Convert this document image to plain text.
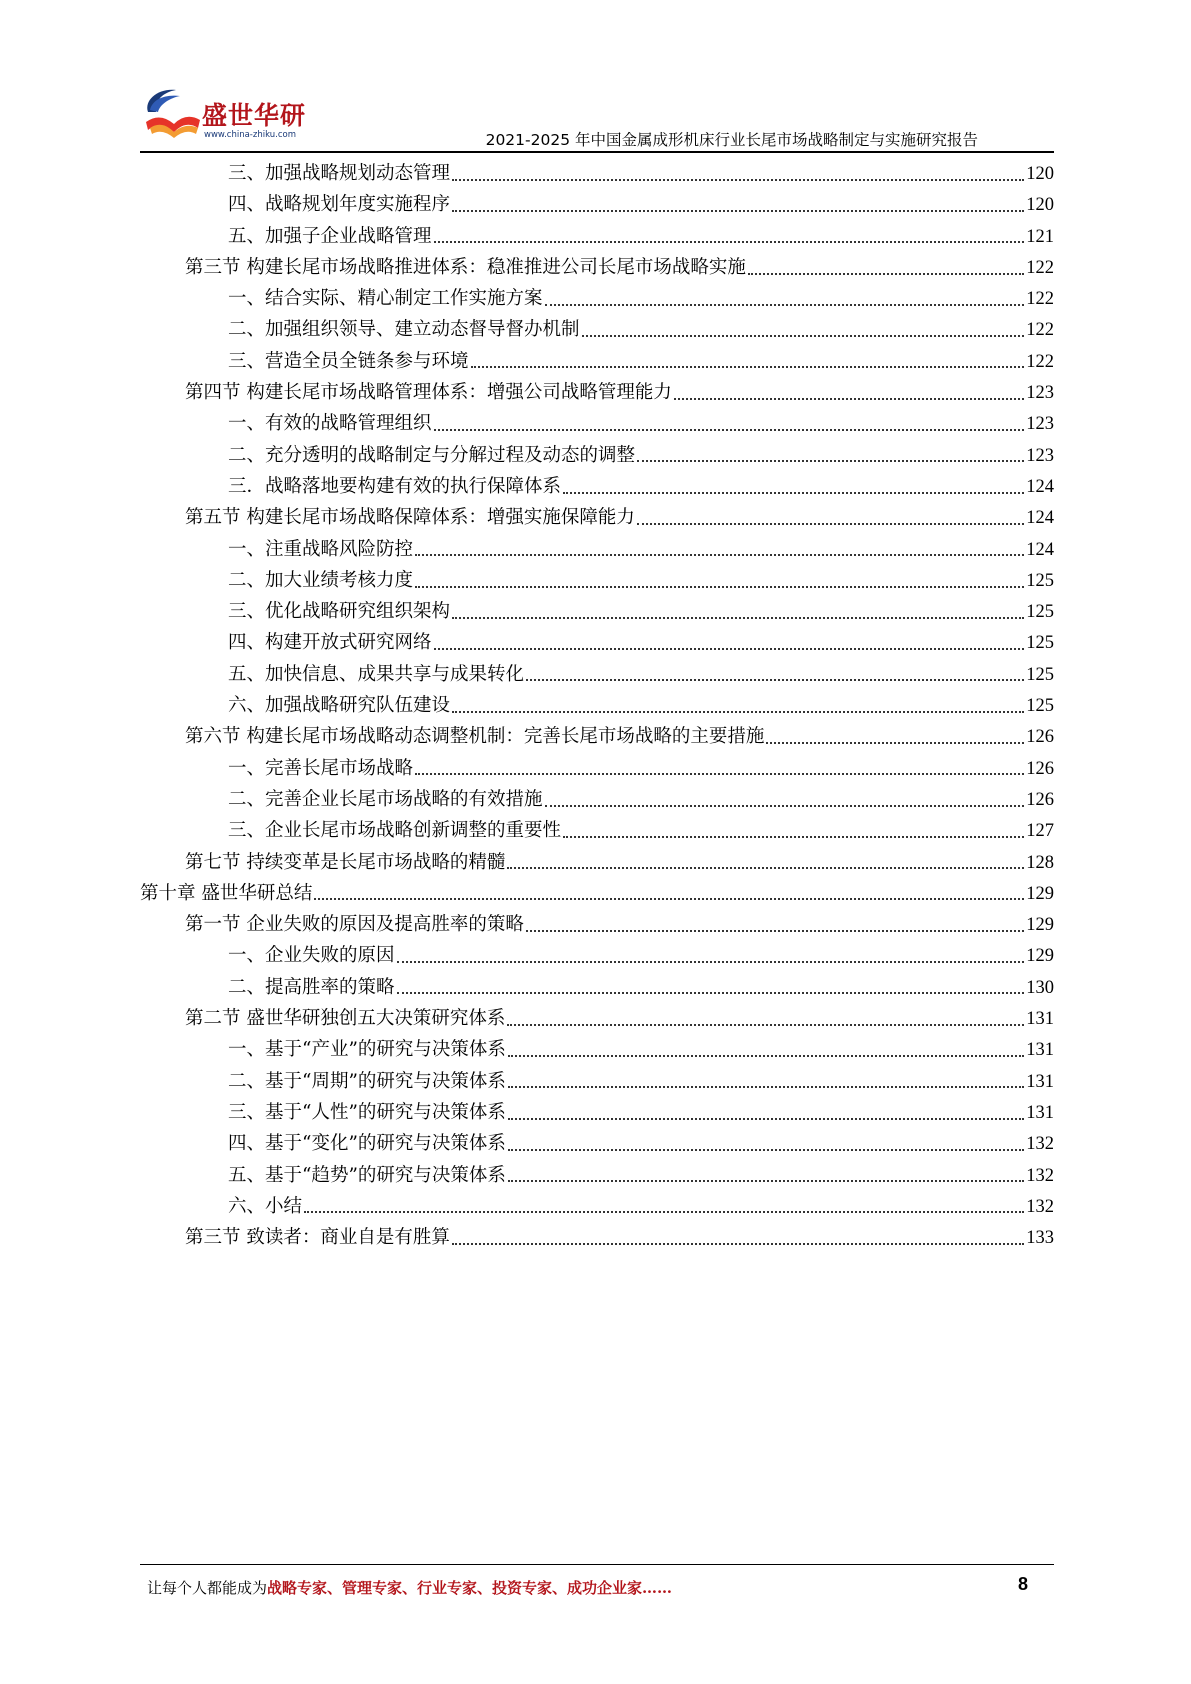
盛世华研
www.china-zhiku.com	2021-2025 年中国金属成形机床行业长尾市场战略制定与实施研究报告
三、加强战略规划动态管理	120
四、战略规划年度实施程序	120
五、加强子企业战略管理	121
第三节 构建长尾市场战略推进体系：稳准推进公司长尾市场战略实施	122
一、结合实际、精心制定工作实施方案	122
二、加强组织领导、建立动态督导督办机制	122
三、营造全员全链条参与环境	122
第四节 构建长尾市场战略管理体系：增强公司战略管理能力	123
一、有效的战略管理组织	123
二、充分透明的战略制定与分解过程及动态的调整	123
三．战略落地要构建有效的执行保障体系	124
第五节 构建长尾市场战略保障体系：增强实施保障能力	124
一、注重战略风险防控	124
二、加大业绩考核力度	125
三、优化战略研究组织架构	125
四、构建开放式研究网络	125
五、加快信息、成果共享与成果转化	125
六、加强战略研究队伍建设	125
第六节 构建长尾市场战略动态调整机制：完善长尾市场战略的主要措施	126
一、完善长尾市场战略	126
二、完善企业长尾市场战略的有效措施	126
三、企业长尾市场战略创新调整的重要性	127
第七节 持续变革是长尾市场战略的精髓	128
第十章 盛世华研总结	129
第一节 企业失败的原因及提高胜率的策略	129
一、企业失败的原因	129
二、提高胜率的策略	130
第二节 盛世华研独创五大决策研究体系	131
一、基于“产业”的研究与决策体系	131
二、基于“周期”的研究与决策体系	131
三、基于“人性”的研究与决策体系	131
四、基于“变化”的研究与决策体系	132
五、基于“趋势”的研究与决策体系	132
六、小结	132
第三节 致读者：商业自是有胜算	133
让每个人都能成为战略专家、管理专家、行业专家、投资专家、成功企业家……	8
